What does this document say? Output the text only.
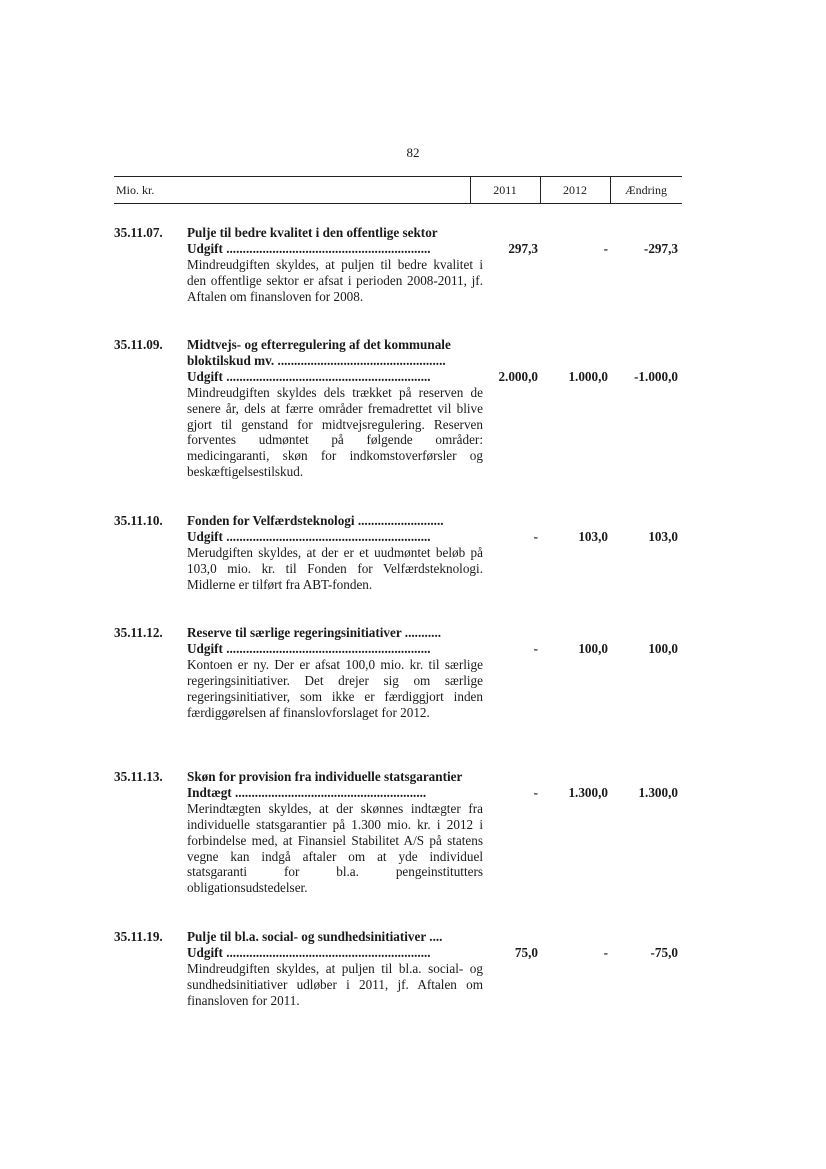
82
Mio. kr.	2011	2012	Ændring
35.11.07. Pulje til bedre kvalitet i den offentlige sektor
Udgift ..............................................................
Mindreudgiften skyldes, at puljen til bedre kvalitet i den offentlige sektor er afsat i perioden 2008-2011, jf. Aftalen om finansloven for 2008.
297,3	-	-297,3
35.11.09. Midtvejs- og efterregulering af det kommunale bloktilskud mv. ...................................................
Udgift ..............................................................
Mindreudgiften skyldes dels trækket på reserven de senere år, dels at færre områder fremadrettet vil blive gjort til genstand for midtvejsregulering. Reserven forventes udmøntet på følgende områder: medicingaranti, skøn for indkomstoverførsler og beskæftigelsestilskud.
2.000,0 1.000,0 -1.000,0
35.11.10. Fonden for Velfærdsteknologi ..........................
Udgift ..............................................................
Merudgiften skyldes, at der er et uudmøntet beløb på 103,0 mio. kr. til Fonden for Velfærdsteknologi. Midlerne er tilført fra ABT-fonden.
-	103,0	103,0
35.11.12. Reserve til særlige regeringsinitiativer ...........
Udgift ..............................................................
Kontoen er ny. Der er afsat 100,0 mio. kr. til særlige regeringsinitiativer. Det drejer sig om særlige regeringsinitiativer, som ikke er færdiggjort inden færdiggørelsen af finanslovforslaget for 2012.
-	100,0	100,0
35.11.13. Skøn for provision fra individuelle statsgarantier
Indtægt ..........................................................
Merindtægten skyldes, at der skønnes indtægter fra individuelle statsgarantier på 1.300 mio. kr. i 2012 i forbindelse med, at Finansiel Stabilitet A/S på statens vegne kan indgå aftaler om at yde individuel statsgaranti for bl.a. pengeinstitutters obligationsudstedelser.
- 1.300,0 1.300,0
35.11.19. Pulje til bl.a. social- og sundhedsinitiativer ....
Udgift ..............................................................
Mindreudgiften skyldes, at puljen til bl.a. social- og sundhedsinitiativer udløber i 2011, jf. Aftalen om finansloven for 2011.
75,0	-	-75,0
